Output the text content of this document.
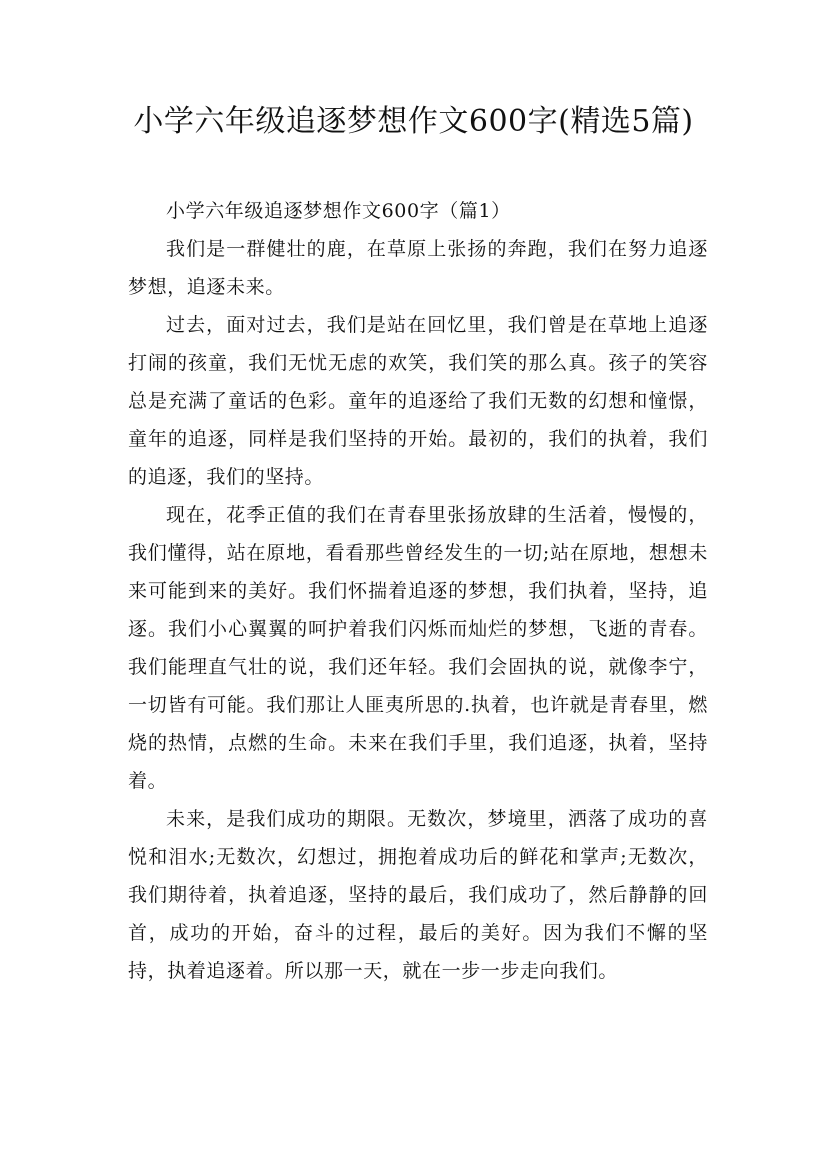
小学六年级追逐梦想作文600字(精选5篇)

小学六年级追逐梦想作文600字（篇1）

我们是一群健壮的鹿，在草原上张扬的奔跑，我们在努力追逐梦想，追逐未来。

过去，面对过去，我们是站在回忆里，我们曾是在草地上追逐打闹的孩童，我们无忧无虑的欢笑，我们笑的那么真。孩子的笑容总是充满了童话的色彩。童年的追逐给了我们无数的幻想和憧憬，童年的追逐，同样是我们坚持的开始。最初的，我们的执着，我们的追逐，我们的坚持。

现在，花季正值的我们在青春里张扬放肆的生活着，慢慢的，我们懂得，站在原地，看看那些曾经发生的一切;站在原地，想想未来可能到来的美好。我们怀揣着追逐的梦想，我们执着，坚持，追逐。我们小心翼翼的呵护着我们闪烁而灿烂的梦想，飞逝的青春。我们能理直气壮的说，我们还年轻。我们会固执的说，就像李宁，一切皆有可能。我们那让人匪夷所思的.执着，也许就是青春里，燃烧的热情，点燃的生命。未来在我们手里，我们追逐，执着，坚持着。

未来，是我们成功的期限。无数次，梦境里，洒落了成功的喜悦和泪水;无数次，幻想过，拥抱着成功后的鲜花和掌声;无数次，我们期待着，执着追逐，坚持的最后，我们成功了，然后静静的回首，成功的开始，奋斗的过程，最后的美好。因为我们不懈的坚持，执着追逐着。所以那一天，就在一步一步走向我们。
